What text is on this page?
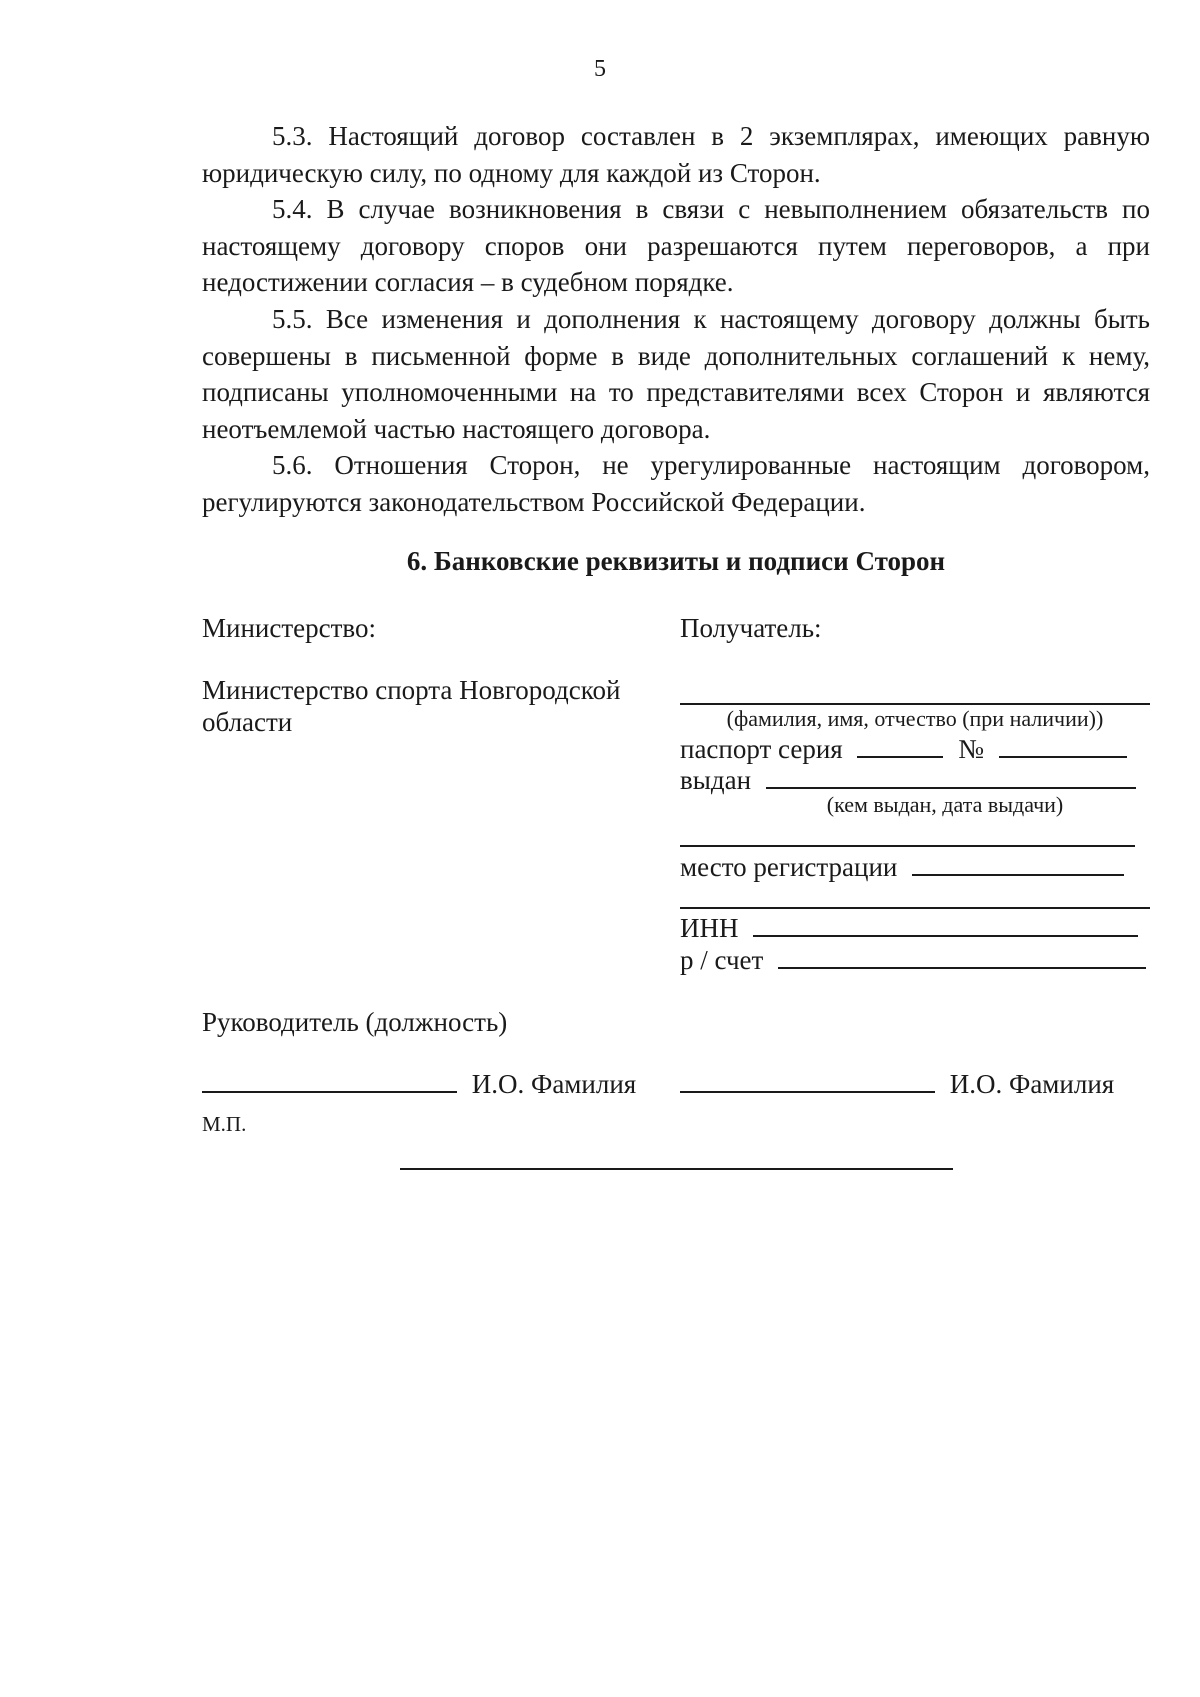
5

5.3. Настоящий договор составлен в 2 экземплярах, имеющих равную юридическую силу, по одному для каждой из Сторон.

5.4. В случае возникновения в связи с невыполнением обязательств по настоящему договору споров они разрешаются путем переговоров, а при недостижении согласия – в судебном порядке.

5.5. Все изменения и дополнения к настоящему договору должны быть совершены в письменной форме в виде дополнительных соглашений к нему, подписаны уполномоченными на то представителями всех Сторон и являются неотъемлемой частью настоящего договора.

5.6. Отношения Сторон, не урегулированные настоящим договором, регулируются законодательством Российской Федерации.

6. Банковские реквизиты и подписи Сторон
Министерство:
Министерство спорта Новгородской
области
Получатель:
(фамилия, имя, отчество (при наличии))
паспорт серия	№
выдан
(кем выдан, дата выдачи)
место регистрации
ИНН
р / счет
Руководитель (должность)
И.О. Фамилия	И.О. Фамилия
М.П.
